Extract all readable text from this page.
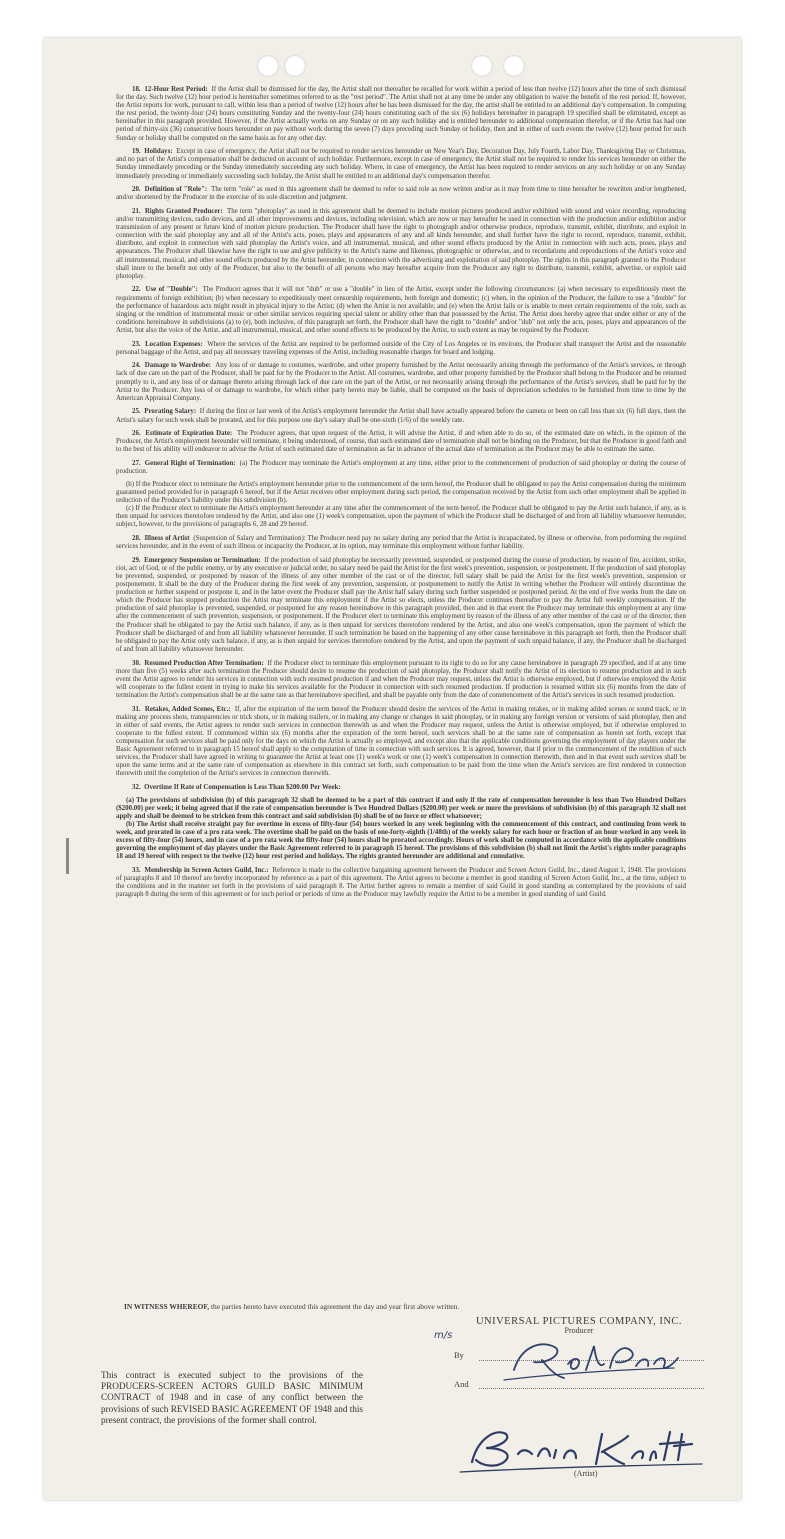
18. 12-Hour Rest Period: If the Artist shall be dismissed for the day, the Artist shall not thereafter be recalled for work within a period of less than twelve (12) hours after the time of such dismissal for the day. Such twelve (12) hour period is hereinafter sometimes referred to as the "rest period". The Artist shall not at any time be under any obligation to waive the benefit of the rest period. If, however, the Artist reports for work, pursuant to call, within less than a period of twelve (12) hours after he has been dismissed for the day, the artist shall be entitled to an additional day's compensation. In computing the rest period, the twenty-four (24) hours constituting Sunday and the twenty-four (24) hours constituting each of the six (6) holidays hereinafter in paragraph 19 specified shall be eliminated, except as hereinafter in this paragraph provided. However, if the Artist actually works on any Sunday or on any such holiday and is entitled hereunder to additional compensation therefor, or if the Artist has had one period of thirty-six (36) consecutive hours hereunder on pay without work during the seven (7) days preceding such Sunday or holiday, then and in either of such events the twelve (12) hour period for such Sunday or holiday shall be computed on the same basis as for any other day.

19. Holidays: Except in case of emergency, the Artist shall not be required to render services hereunder on New Year's Day, Decoration Day, July Fourth, Labor Day, Thanksgiving Day or Christmas, and no part of the Artist's compensation shall be deducted on account of such holiday. Furthermore, except in case of emergency, the Artist shall not be required to render his services hereunder on either the Sunday immediately preceding or the Sunday immediately succeeding any such holiday. Where, in case of emergency, the Artist has been required to render services on any such holiday or on any Sunday immediately preceding or immediately succeeding such holiday, the Artist shall be entitled to an additional day's compensation therefor.

20. Definition of "Role": The term "role" as used in this agreement shall be deemed to refer to said role as now written and/or as it may from time to time hereafter be rewritten and/or lengthened, and/or shortened by the Producer in the exercise of its sole discretion and judgment.

21. Rights Granted Producer: The term "photoplay" as used in this agreement shall be deemed to include motion pictures produced and/or exhibited with sound and voice recording, reproducing and/or transmitting devices, radio devices, and all other improvements and devices, including television, which are now or may hereafter be used in connection with the production and/or exhibition and/or transmission of any present or future kind of motion picture production. The Producer shall have the right to photograph and/or otherwise produce, reproduce, transmit, exhibit, distribute, and exploit in connection with the said photoplay any and all of the Artist's acts, poses, plays and appearances of any and all kinds hereunder, and shall further have the right to record, reproduce, transmit, exhibit, distribute, and exploit in connection with said photoplay the Artist's voice, and all instrumental, musical, and other sound effects produced by the Artist in connection with such acts, poses, plays and appearances. The Producer shall likewise have the right to use and give publicity to the Artist's name and likeness, photographic or otherwise, and to recordations and reproductions of the Artist's voice and all instrumental, musical, and other sound effects produced by the Artist hereunder, in connection with the advertising and exploitation of said photoplay. The rights in this paragraph granted to the Producer shall inure to the benefit not only of the Producer, but also to the benefit of all persons who may hereafter acquire from the Producer any right to distribute, transmit, exhibit, advertise, or exploit said photoplay.

22. Use of "Double": The Producer agrees that it will not "dub" or use a "double" in lieu of the Artist, except under the following circumstances: (a) when necessary to expeditiously meet the requirements of foreign exhibition; (b) when necessary to expeditiously meet censorship requirements, both foreign and domestic; (c) when, in the opinion of the Producer, the failure to use a "double" for the performance of hazardous acts might result in physical injury to the Artist; (d) when the Artist is not available; and (e) when the Artist fails or is unable to meet certain requirements of the role, such as singing or the rendition of instrumental music or other similar services requiring special talent or ability other than that possessed by the Artist. The Artist does hereby agree that under either or any of the conditions hereinabove in subdivisions (a) to (e), both inclusive, of this paragraph set forth, the Producer shall have the right to "double" and/or "dub" not only the acts, poses, plays and appearances of the Artist, but also the voice of the Artist, and all instrumental, musical, and other sound effects to be produced by the Artist, to such extent as may be required by the Producer.

23. Location Expenses: Where the services of the Artist are required to be performed outside of the City of Los Angeles or its environs, the Producer shall transport the Artist and the reasonable personal baggage of the Artist, and pay all necessary traveling expenses of the Artist, including reasonable charges for board and lodging.

24. Damage to Wardrobe: Any loss of or damage to costumes, wardrobe, and other property furnished by the Artist necessarily arising through the performance of the Artist's services, or through lack of due care on the part of the Producer, shall be paid for by the Producer to the Artist. All costumes, wardrobe, and other property furnished by the Producer shall belong to the Producer and be returned promptly to it, and any loss of or damage thereto arising through lack of due care on the part of the Artist, or not necessarily arising through the performance of the Artist's services, shall be paid for by the Artist to the Producer. Any loss of or damage to wardrobe, for which either party hereto may be liable, shall be computed on the basis of depreciation schedules to be furnished from time to time by the American Appraisal Company.

25. Prorating Salary: If during the first or last week of the Artist's employment hereunder the Artist shall have actually appeared before the camera or been on call less than six (6) full days, then the Artist's salary for such week shall be prorated, and for this purpose one day's salary shall be one-sixth (1/6) of the weekly rate.

26. Estimate of Expiration Date: The Producer agrees, that upon request of the Artist, it will advise the Artist, if and when able to do so, of the estimated date on which, in the opinion of the Producer, the Artist's employment hereunder will terminate, it being understood, of course, that such estimated date of termination shall not be binding on the Producer, but that the Producer in good faith and to the best of his ability will endeavor to advise the Artist of such estimated date of termination as far in advance of the actual date of termination as the Producer may be able to estimate the same.

27. General Right of Termination: (a) The Producer may terminate the Artist's employment at any time, either prior to the commencement of production of said photoplay or during the course of production.

(b) If the Producer elect to terminate the Artist's employment hereunder prior to the commencement of the term hereof, the Producer shall be obligated to pay the Artist compensation during the minimum guaranteed period provided for in paragraph 6 hereof, but if the Artist receives other employment during such period, the compensation received by the Artist from such other employment shall be applied in reduction of the Producer's liability under this subdivision (b).

(c) If the Producer elect to terminate the Artist's employment hereunder at any time after the commencement of the term hereof, the Producer shall be obligated to pay the Artist such balance, if any, as is then unpaid for services theretofore rendered by the Artist, and also one (1) week's compensation, upon the payment of which the Producer shall be discharged of and from all liability whatsoever hereunder, subject, however, to the provisions of paragraphs 6, 28 and 29 hereof.

28. Illness of Artist (Suspension of Salary and Termination): The Producer need pay no salary during any period that the Artist is incapacitated, by illness or otherwise, from performing the required services hereunder, and in the event of such illness or incapacity the Producer, at its option, may terminate this employment without further liability.

29. Emergency Suspension or Termination: If the production of said photoplay be necessarily prevented, suspended, or postponed during the course of production, by reason of fire, accident, strike, riot, act of God, or of the public enemy, or by any executive or judicial order, no salary need be paid the Artist for the first week's prevention, suspension, or postponement. If the production of said photoplay be prevented, suspended, or postponed by reason of the illness of any other member of the cast or of the director, full salary shall be paid the Artist for the first week's prevention, suspension or postponement. It shall be the duty of the Producer during the first week of any prevention, suspension, or postponement to notify the Artist in writing whether the Producer will entirely discontinue the production or further suspend or postpone it, and in the latter event the Producer shall pay the Artist half salary during such further suspended or postponed period. At the end of five weeks from the date on which the Producer has stopped production the Artist may terminate this employment if the Artist so elects, unless the Producer continues thereafter to pay the Artist full weekly compensation. If the production of said photoplay is prevented, suspended, or postponed for any reason hereinabove in this paragraph provided, then and in that event the Producer may terminate this employment at any time after the commencement of such prevention, suspension, or postponement. If the Producer elect to terminate this employment by reason of the illness of any other member of the cast or of the director, then the Producer shall be obligated to pay the Artist such balance, if any, as is then unpaid for services theretofore rendered by the Artist, and also one week's compensation, upon the payment of which the Producer shall be discharged of and from all liability whatsoever hereunder. If such termination be based on the happening of any other cause hereinabove in this paragraph set forth, then the Producer shall be obligated to pay the Artist only such balance, if any, as is then unpaid for services theretofore rendered by the Artist, and upon the payment of such unpaid balance, if any, the Producer shall be discharged of and from all liability whatsoever hereunder.

30. Resumed Production After Termination: If the Producer elect to terminate this employment pursuant to its right to do so for any cause hereinabove in paragraph 29 specified, and if at any time more than five (5) weeks after such termination the Producer should desire to resume the production of said photoplay, the Producer shall notify the Artist of its election to resume production and in such event the Artist agrees to render his services in connection with such resumed production if and when the Producer may request, unless the Artist is otherwise employed, but if otherwise employed the Artist will cooperate to the fullest extent in trying to make his services available for the Producer in connection with such resumed production. If production is resumed within six (6) months from the date of termination the Artist's compensation shall be at the same rate as that hereinabove specified, and shall be payable only from the date of commencement of the Artist's services in such resumed production.

31. Retakes, Added Scenes, Etc.: If, after the expiration of the term hereof the Producer should desire the services of the Artist in making retakes, or in making added scenes or sound track, or in making any process shots, transparencies or trick shots, or in making trailers, or in making any change or changes in said photoplay, or in making any foreign version or versions of said photoplay, then and in either of said events, the Artist agrees to render such services in connection therewith as and when the Producer may request, unless the Artist is otherwise employed, but if otherwise employed to cooperate to the fullest extent. If commenced within six (6) months after the expiration of the term hereof, such services shall be at the same rate of compensation as herein set forth, except that compensation for such services shall be paid only for the days on which the Artist is actually so employed, and except also that the applicable conditions governing the employment of day players under the Basic Agreement referred to in paragraph 15 hereof shall apply to the computation of time in connection with such services. It is agreed, however, that if prior to the commencement of the rendition of such services, the Producer shall have agreed in writing to guarantee the Artist at least one (1) week's work or one (1) week's compensation in connection therewith, then and in that event such services shall be upon the same terms and at the same rate of compensation as elsewhere in this contract set forth, such compensation to be paid from the time when the Artist's services are first rendered in connection therewith until the completion of the Artist's services in connection therewith.

32. Overtime If Rate of Compensation is Less Than $200.00 Per Week:

(a) The provisions of subdivision (b) of this paragraph 32 shall be deemed to be a part of this contract if and only if the rate of compensation hereunder is less than Two Hundred Dollars ($200.00) per week; it being agreed that if the rate of compensation hereunder is Two Hundred Dollars ($200.00) per week or more the provisions of subdivision (b) of this paragraph 32 shall not apply and shall be deemed to be stricken from this contract and said subdivision (b) shall be of no force or effect whatsoever;

(b) The Artist shall receive straight pay for overtime in excess of fifty-four (54) hours worked in any week beginning with the commencement of this contract, and continuing from week to week, and prorated in case of a pro rata week. The overtime shall be paid on the basis of one-forty-eighth (1/48th) of the weekly salary for each hour or fraction of an hour worked in any week in excess of fifty-four (54) hours, and in case of a pro rata week the fifty-four (54) hours shall be prorated accordingly. Hours of work shall be computed in accordance with the applicable conditions governing the employment of day players under the Basic Agreement referred to in paragraph 15 hereof. The provisions of this subdivision (b) shall not limit the Artist's rights under paragraphs 18 and 19 hereof with respect to the twelve (12) hour rest period and holidays. The rights granted hereunder are additional and cumulative.

33. Membership in Screen Actors Guild, Inc.: Reference is made to the collective bargaining agreement between the Producer and Screen Actors Guild, Inc., dated August 1, 1948. The provisions of paragraphs 8 and 10 thereof are hereby incorporated by reference as a part of this agreement. The Artist agrees to become a member in good standing of Screen Actors Guild, Inc., at the time, subject to the conditions and in the manner set forth in the provisions of said paragraph 8. The Artist further agrees to remain a member of said Guild in good standing as contemplated by the provisions of said paragraph 8 during the term of this agreement or for such period or periods of time as the Producer may lawfully require the Artist to be a member in good standing of said Guild.

IN WITNESS WHEREOF, the parties hereto have executed this agreement the day and year first above written.
UNIVERSAL PICTURES COMPANY, INC.
Producer
m/s
By
And
(Artist)
This contract is executed subject to the provisions of the PRODUCERS-SCREEN ACTORS GUILD BASIC MINIMUM CONTRACT of 1948 and in case of any conflict between the provisions of such REVISED BASIC AGREEMENT OF 1948 and this present contract, the provisions of the former shall control.
